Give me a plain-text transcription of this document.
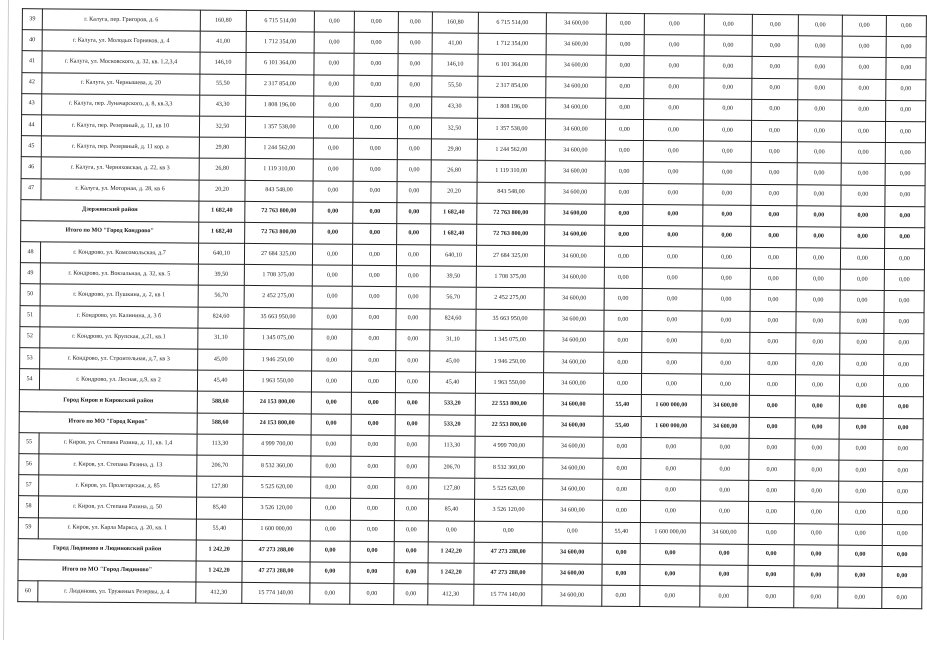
39	г. Калуга, пер. Григоров, д. 6	160,80	6 715 514,00	0,00	0,00	0,00	160,80	6 715 514,00	34 600,00	0,00	0,00	0,00	0,00	0,00	0,00	0,00
40	г. Калуга, ул. Молодых Горняков, д. 4	41,00	1 712 354,00	0,00	0,00	0,00	41,00	1 712 354,00	34 600,00	0,00	0,00	0,00	0,00	0,00	0,00	0,00
41	г. Калуга, ул. Московского, д. 32, кв. 1,2,3,4	146,10	6 101 364,00	0,00	0,00	0,00	146,10	6 101 364,00	34 600,00	0,00	0,00	0,00	0,00	0,00	0,00	0,00
42	г. Калуга, ул. Чернышева, д. 20	55,50	2 317 854,00	0,00	0,00	0,00	55,50	2 317 854,00	34 600,00	0,00	0,00	0,00	0,00	0,00	0,00	0,00
43	г. Калуга, пер. Луначарского, д. 8, кв.3,3	43,30	1 808 196,00	0,00	0,00	0,00	43,30	1 808 196,00	34 600,00	0,00	0,00	0,00	0,00	0,00	0,00	0,00
44	г. Калуга, пер. Резервный, д. 11, кв 10	32,50	1 357 538,00	0,00	0,00	0,00	32,50	1 357 538,00	34 600,00	0,00	0,00	0,00	0,00	0,00	0,00	0,00
45	г. Калуга, пер. Резервный, д. 11 кор. а	29,80	1 244 562,00	0,00	0,00	0,00	29,80	1 244 562,00	34 600,00	0,00	0,00	0,00	0,00	0,00	0,00	0,00
46	г. Калуга, ул. Черняховская, д. 22, кв 3	26,80	1 119 310,00	0,00	0,00	0,00	26,80	1 119 310,00	34 600,00	0,00	0,00	0,00	0,00	0,00	0,00	0,00
47	г. Калуга, ул. Моторная, д. 28, кв 6	20,20	843 548,00	0,00	0,00	0,00	20,20	843 548,00	34 600,00	0,00	0,00	0,00	0,00	0,00	0,00	0,00
Дзержинский район		1 682,40	72 763 800,00	0,00	0,00	0,00	1 682,40	72 763 800,00	34 600,00	0,00	0,00	0,00	0,00	0,00	0,00	0,00
Итого по МО "Город Кондрово"		1 682,40	72 763 800,00	0,00	0,00	0,00	1 682,40	72 763 800,00	34 600,00	0,00	0,00	0,00	0,00	0,00	0,00	0,00
48	г. Кондрово, ул. Комсомольская, д.7	640,10	27 684 325,00	0,00	0,00	0,00	640,10	27 684 325,00	34 600,00	0,00	0,00	0,00	0,00	0,00	0,00	0,00
49	г. Кондрово, ул. Вокзальная, д. 32, кв. 5	39,50	1 708 375,00	0,00	0,00	0,00	39,50	1 708 375,00	34 600,00	0,00	0,00	0,00	0,00	0,00	0,00	0,00
50	г. Кондрово, ул. Пушкина, д. 2, кв 1	56,70	2 452 275,00	0,00	0,00	0,00	56,70	2 452 275,00	34 600,00	0,00	0,00	0,00	0,00	0,00	0,00	0,00
51	г. Кондрово, ул. Калинина, д. 3 б	824,60	35 663 950,00	0,00	0,00	0,00	824,60	35 663 950,00	34 600,00	0,00	0,00	0,00	0,00	0,00	0,00	0,00
52	г. Кондрово, ул. Крупская, д.21, кв.1	31,10	1 345 075,00	0,00	0,00	0,00	31,10	1 345 075,00	34 600,00	0,00	0,00	0,00	0,00	0,00	0,00	0,00
53	г. Кондрово, ул. Строительная, д.7, кв 3	45,00	1 946 250,00	0,00	0,00	0,00	45,00	1 946 250,00	34 600,00	0,00	0,00	0,00	0,00	0,00	0,00	0,00
54	г. Кондрово, ул. Лесная, д.9, кв 2	45,40	1 963 550,00	0,00	0,00	0,00	45,40	1 963 550,00	34 600,00	0,00	0,00	0,00	0,00	0,00	0,00	0,00
Город Киров и Кировский район		588,60	24 153 800,00	0,00	0,00	0,00	533,20	22 553 800,00	34 600,00	55,40	1 600 000,00	34 600,00	0,00	0,00	0,00	0,00
Итого по МО "Город Киров"		588,60	24 153 800,00	0,00	0,00	0,00	533,20	22 553 800,00	34 600,00	55,40	1 600 000,00	34 600,00	0,00	0,00	0,00	0,00
55	г. Киров, ул. Степана Разина, д. 11, кв. 1,4	113,30	4 999 700,00	0,00	0,00	0,00	113,30	4 999 700,00	34 600,00	0,00	0,00	0,00	0,00	0,00	0,00	0,00
56	г. Киров, ул. Степана Разина, д. 13	206,70	8 532 360,00	0,00	0,00	0,00	206,70	8 532 360,00	34 600,00	0,00	0,00	0,00	0,00	0,00	0,00	0,00
57	г. Киров, ул. Пролетарская, д. 85	127,80	5 525 620,00	0,00	0,00	0,00	127,80	5 525 620,00	34 600,00	0,00	0,00	0,00	0,00	0,00	0,00	0,00
58	г. Киров, ул. Степана Разина, д. 50	85,40	3 526 120,00	0,00	0,00	0,00	85,40	3 526 120,00	34 600,00	0,00	0,00	0,00	0,00	0,00	0,00	0,00
59	г. Киров, ул. Карла Маркса, д. 20, кв. 1	55,40	1 600 000,00	0,00	0,00	0,00	0,00	0,00	0,00	55,40	1 600 000,00	34 600,00	0,00	0,00	0,00	0,00
Город Людиново и Людиновский район		1 242,20	47 273 288,00	0,00	0,00	0,00	1 242,20	47 273 288,00	34 600,00	0,00	0,00	0,00	0,00	0,00	0,00	0,00
Итого по МО "Город Людиново"		1 242,20	47 273 288,00	0,00	0,00	0,00	1 242,20	47 273 288,00	34 600,00	0,00	0,00	0,00	0,00	0,00	0,00	0,00
60	г. Людиново, ул. Труженых Резервы, д. 4	412,30	15 774 140,00	0,00	0,00	0,00	412,30	15 774 140,00	34 600,00	0,00	0,00	0,00	0,00	0,00	0,00	0,00
